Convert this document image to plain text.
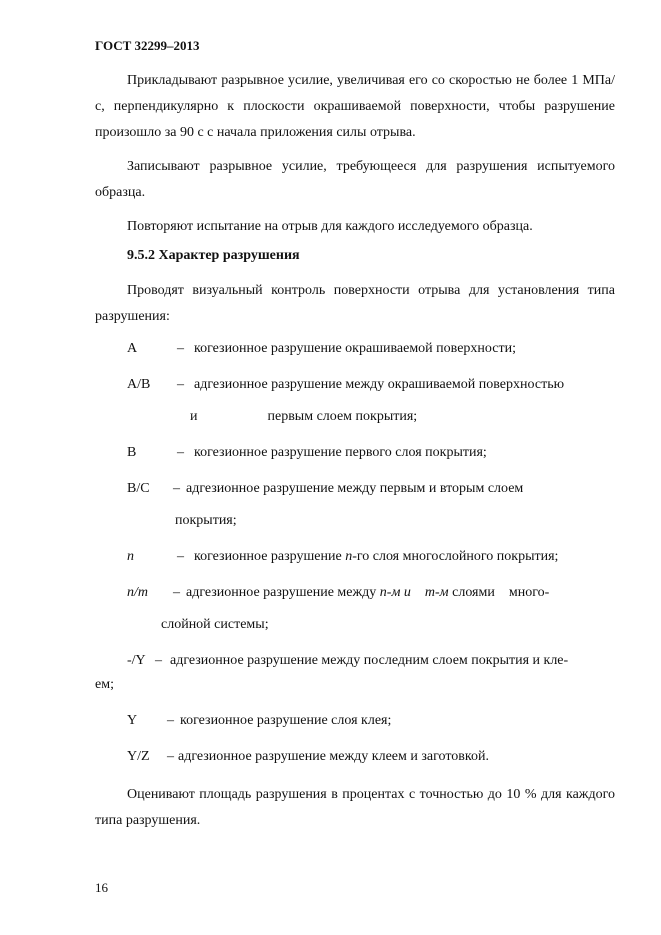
ГОСТ 32299–2013

Прикладывают разрывное усилие, увеличивая его со скоростью не более 1 МПа/с, перпендикулярно к плоскости окрашиваемой поверхности, чтобы разрушение произошло за 90 с с начала приложения силы отрыва.

Записывают разрывное усилие, требующееся для разрушения испытуемого образца.

Повторяют испытание на отрыв для каждого исследуемого образца.

9.5.2 Характер разрушения

Проводят визуальный контроль поверхности отрыва для установления типа разрушения:

A	– когезионное разрушение окрашиваемой поверхности;
A/B	– адгезионное разрушение между окрашиваемой поверхностью
и                    первым слоем покрытия;
B	– когезионное разрушение первого слоя покрытия;
B/C	– адгезионное разрушение между первым и вторым слоем
покрытия;
n	– когезионное разрушение n-го слоя многослойного покрытия;
n/m	– адгезионное разрушение между n-м и m-м слоями    много-
слойной системы;
-/Y – адгезионное разрушение между последним слоем покрытия и кле-
ем;
Y	– когезионное разрушение слоя клея;
Y/Z	– адгезионное разрушение между клеем и заготовкой.

Оценивают площадь разрушения в процентах с точностью до 10 % для каждого типа разрушения.

16
